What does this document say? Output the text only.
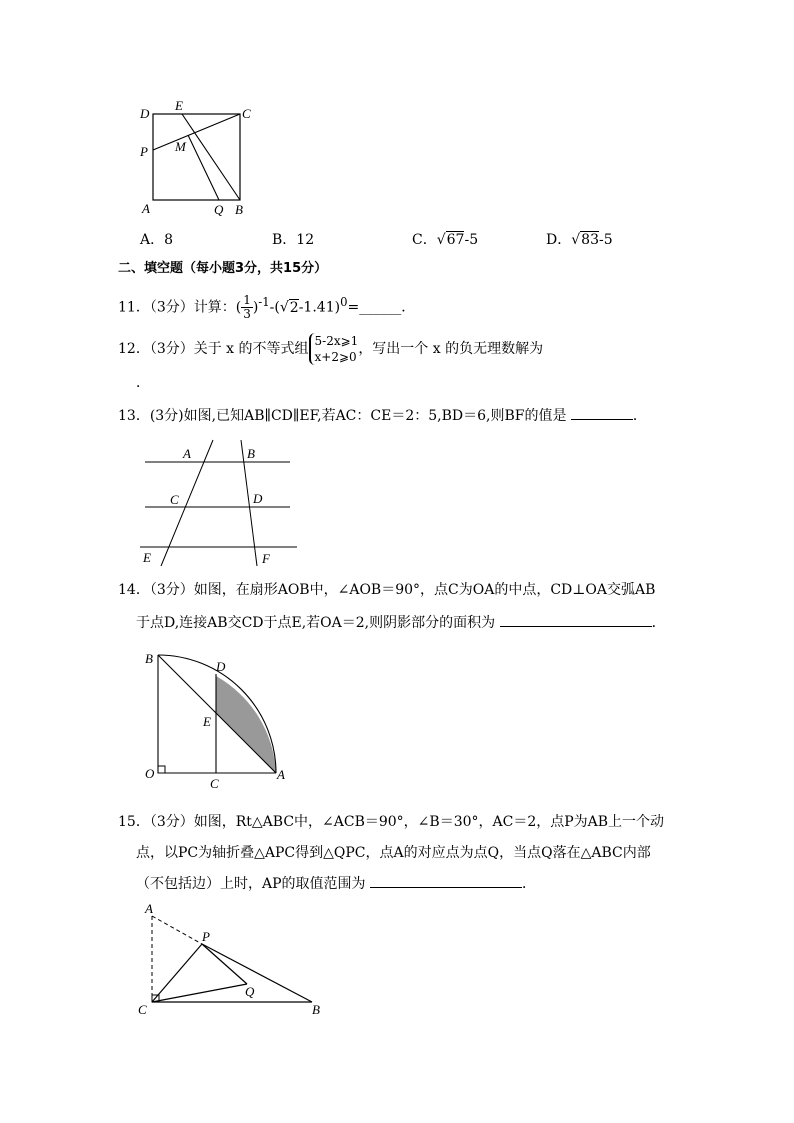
D
E
C
P M
A	Q B
A．8	B．12	C．√67-5	D．√83-5
二、填空题（每小题3分，共15分）
11．（3分）计算：( $\frac{1}{3}$ )$^{-1}-(√2-1.41)^0=\_\_\_\_\_\_$．
12．（3分）关于 x 的不等式组 5-2x⩾1
x+2⩾0 ，写出一个 x 的负无理数解为
．
13．(3分)如图,已知AB∥CD∥EF,若AC：CE＝2：5,BD＝6,则BF的值是	．
A	B
C	D
E	F
14．（3分）如图，在扇形AOB中，∠AOB＝90°，点C为OA的中点，CD⊥OA交弧AB
于点D,连接AB交CD于点E,若OA＝2,则阴影部分的面积为	．
B
D
E
O
C
A
15．（3分）如图，Rt△ABC中，∠ACB＝90°，∠B＝30°，AC＝2，点P为AB上一个动
点，以PC为轴折叠△APC得到△QPC，点A的对应点为点Q，当点Q落在△ABC内部
（不包括边）上时，AP的取值范围为	．
A
P
Q
C	B
